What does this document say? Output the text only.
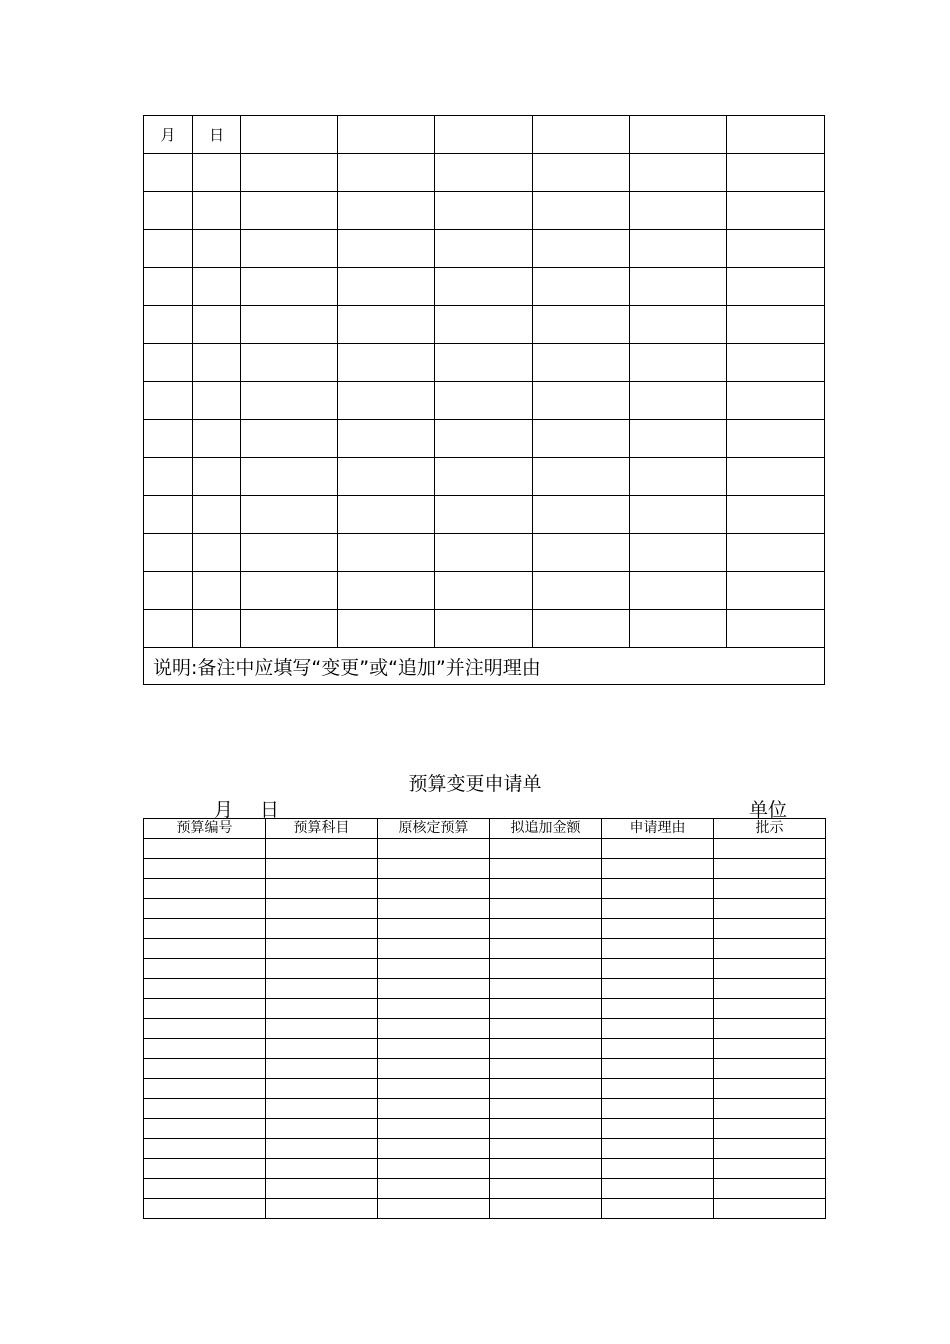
月	日						

说明:备注中应填写“变更”或“追加”并注明理由							
预算变更申请单
月 日	单位
预算编号	预算科目	原核定预算	拟追加金额	申请理由	批示
